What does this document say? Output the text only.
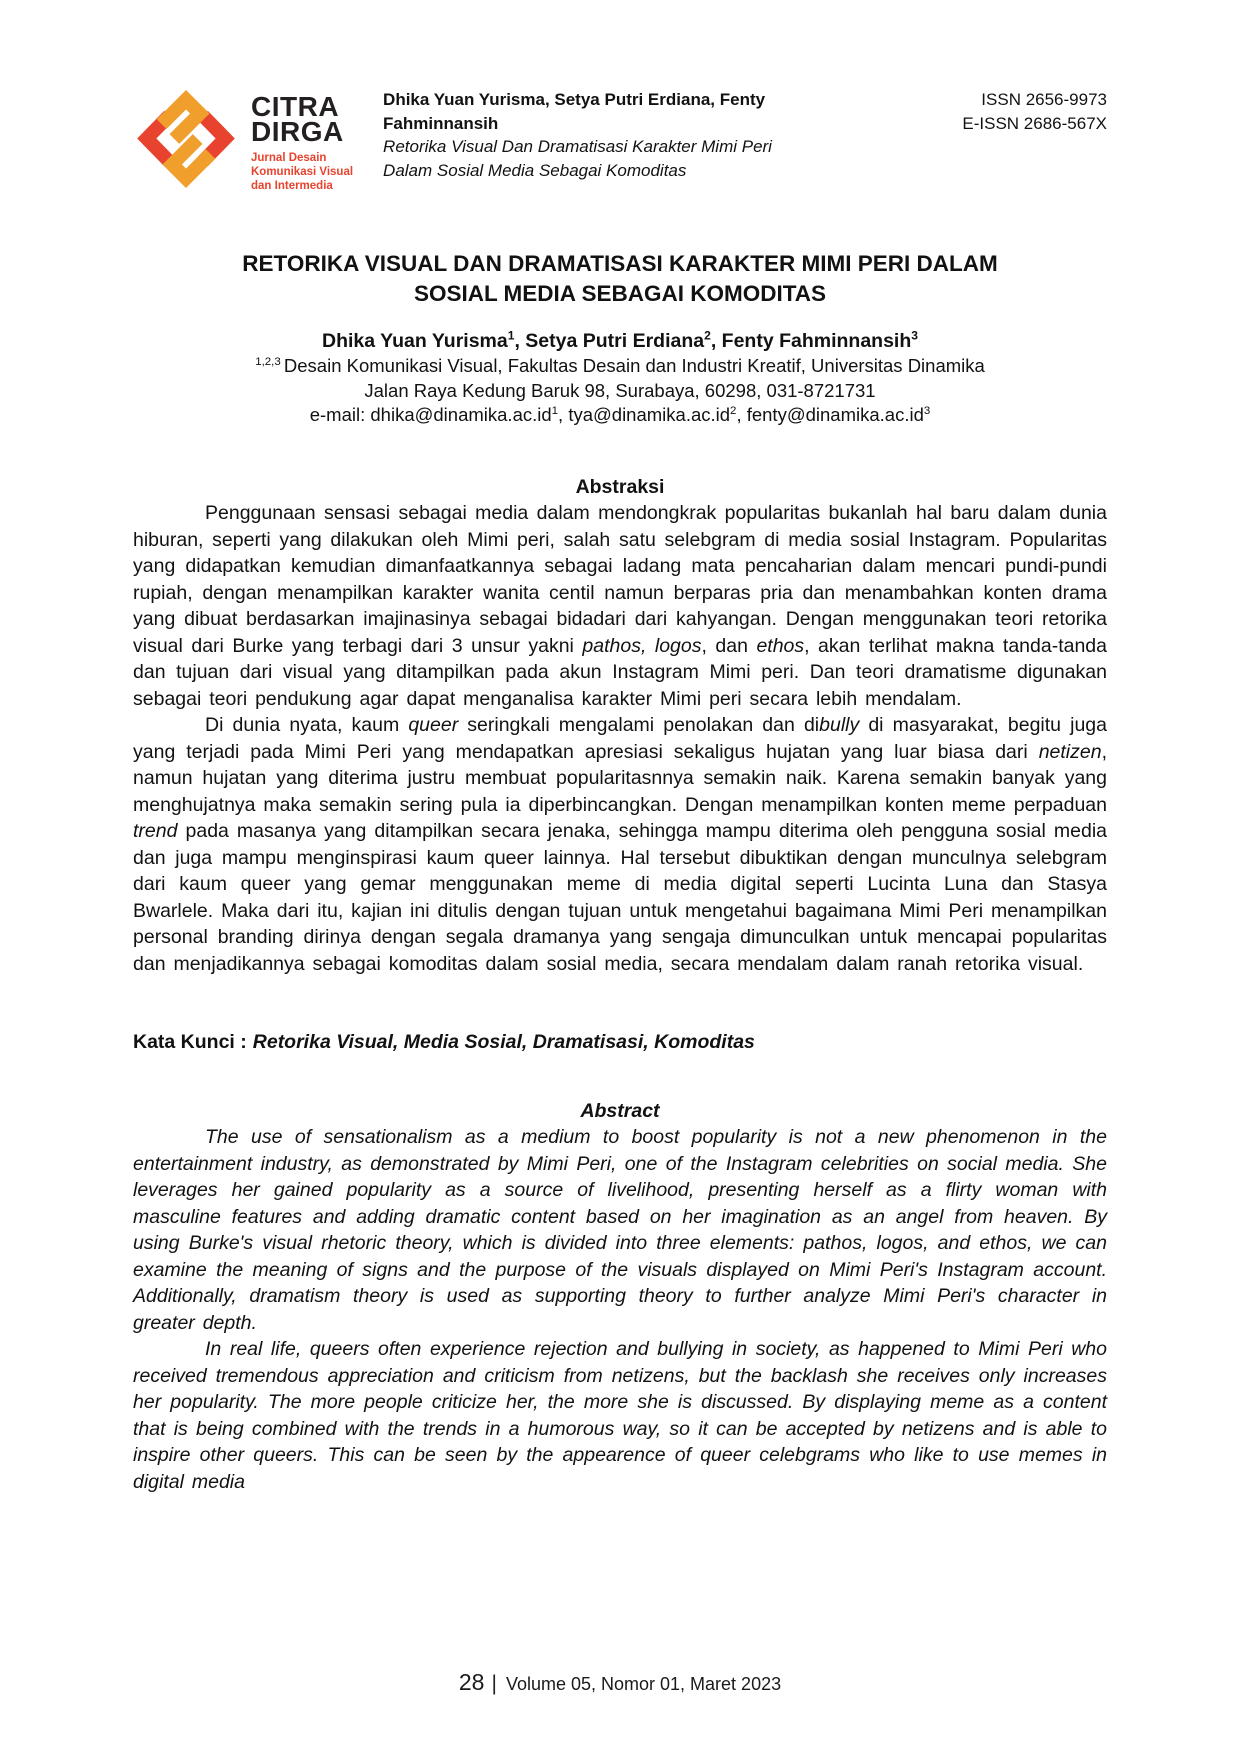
CITRA
DIRGA
Jurnal Desain
Komunikasi Visual
dan Intermedia
Dhika Yuan Yurisma, Setya Putri Erdiana, Fenty Fahminnansih
Retorika Visual Dan Dramatisasi Karakter Mimi Peri Dalam Sosial Media Sebagai Komoditas
ISSN 2656-9973
E-ISSN 2686-567X
RETORIKA VISUAL DAN DRAMATISASI KARAKTER MIMI PERI DALAM SOSIAL MEDIA SEBAGAI KOMODITAS
Dhika Yuan Yurisma$^1$, Setya Putri Erdiana$^2$, Fenty Fahminnansih$^3$
$^{1,2,3}$ Desain Komunikasi Visual, Fakultas Desain dan Industri Kreatif, Universitas Dinamika
Jalan Raya Kedung Baruk 98, Surabaya, 60298, 031-8721731
e-mail: $dhika@dinamika.ac.id^1$, $tya@dinamika.ac.id^2$, $fenty@dinamika.ac.id^3$
Abstraksi

Penggunaan sensasi sebagai media dalam mendongkrak popularitas bukanlah hal baru dalam dunia hiburan, seperti yang dilakukan oleh Mimi peri, salah satu selebgram di media sosial Instagram. Popularitas yang didapatkan kemudian dimanfaatkannya sebagai ladang mata pencaharian dalam mencari pundi-pundi rupiah, dengan menampilkan karakter wanita centil namun berparas pria dan menambahkan konten drama yang dibuat berdasarkan imajinasinya sebagai bidadari dari kahyangan. Dengan menggunakan teori retorika visual dari Burke yang terbagi dari 3 unsur yakni pathos, logos, dan ethos, akan terlihat makna tanda-tanda dan tujuan dari visual yang ditampilkan pada akun Instagram Mimi peri. Dan teori dramatisme digunakan sebagai teori pendukung agar dapat menganalisa karakter Mimi peri secara lebih mendalam.

Di dunia nyata, kaum queer seringkali mengalami penolakan dan dibully di masyarakat, begitu juga yang terjadi pada Mimi Peri yang mendapatkan apresiasi sekaligus hujatan yang luar biasa dari netizen, namun hujatan yang diterima justru membuat popularitasnnya semakin naik. Karena semakin banyak yang menghujatnya maka semakin sering pula ia diperbincangkan. Dengan menampilkan konten meme perpaduan trend pada masanya yang ditampilkan secara jenaka, sehingga mampu diterima oleh pengguna sosial media dan juga mampu menginspirasi kaum queer lainnya. Hal tersebut dibuktikan dengan munculnya selebgram dari kaum queer yang gemar menggunakan meme di media digital seperti Lucinta Luna dan Stasya Bwarlele. Maka dari itu, kajian ini ditulis dengan tujuan untuk mengetahui bagaimana Mimi Peri menampilkan personal branding dirinya dengan segala dramanya yang sengaja dimunculkan untuk mencapai popularitas dan menjadikannya sebagai komoditas dalam sosial media, secara mendalam dalam ranah retorika visual.

Kata Kunci : Retorika Visual, Media Sosial, Dramatisasi, Komoditas
Abstract

The use of sensationalism as a medium to boost popularity is not a new phenomenon in the entertainment industry, as demonstrated by Mimi Peri, one of the Instagram celebrities on social media. She leverages her gained popularity as a source of livelihood, presenting herself as a flirty woman with masculine features and adding dramatic content based on her imagination as an angel from heaven. By using Burke's visual rhetoric theory, which is divided into three elements: pathos, logos, and ethos, we can examine the meaning of signs and the purpose of the visuals displayed on Mimi Peri's Instagram account. Additionally, dramatism theory is used as supporting theory to further analyze Mimi Peri's character in greater depth.

In real life, queers often experience rejection and bullying in society, as happened to Mimi Peri who received tremendous appreciation and criticism from netizens, but the backlash she receives only increases her popularity. The more people criticize her, the more she is discussed. By displaying meme as a content that is being combined with the trends in a humorous way, so it can be accepted by netizens and is able to inspire other queers. This can be seen by the appearence of queer celebgrams who like to use memes in digital media

28 | Volume 05, Nomor 01, Maret 2023
